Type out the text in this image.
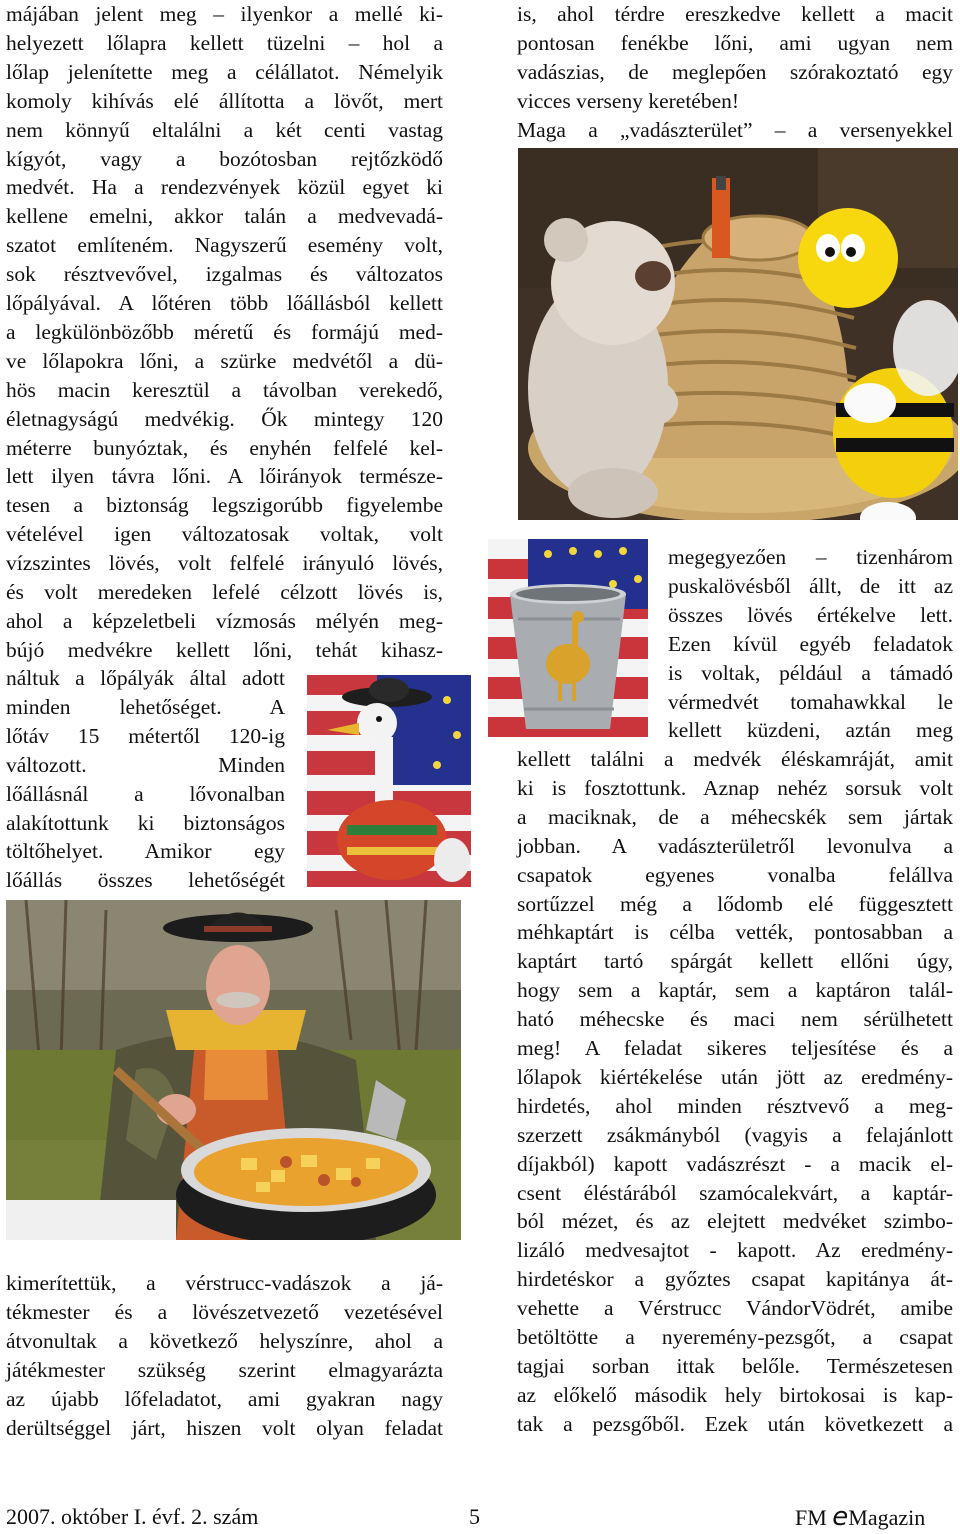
májában jelent meg – ilyenkor a mellé ki-
helyezett lőlapra kellett tüzelni – hol a
lőlap jelenítette meg a célállatot. Némelyik
komoly kihívás elé állította a lövőt, mert
nem könnyű eltalálni a két centi vastag
kígyót, vagy a bozótosban rejtőzködő
medvét. Ha a rendezvények közül egyet ki
kellene emelni, akkor talán a medvevadá-
szatot említeném. Nagyszerű esemény volt,
sok résztvevővel, izgalmas és változatos
lőpályával. A lőtéren több lőállásból kellett
a legkülönbözőbb méretű és formájú med-
ve lőlapokra lőni, a szürke medvétől a dü-
hös macin keresztül a távolban verekedő,
életnagyságú medvékig. Ők mintegy 120
méterre bunyóztak, és enyhén felfelé kel-
lett ilyen távra lőni. A lőirányok természe-
tesen a biztonság legszigorúbb figyelembe
vételével igen változatosak voltak, volt
vízszintes lövés, volt felfelé irányuló lövés,
és volt meredeken lefelé célzott lövés is,
ahol a képzeletbeli vízmosás mélyén meg-
bújó medvékre kellett lőni, tehát kihasz-
náltuk a lőpályák által adott
minden lehetőséget. A
lőtáv 15 métertől 120-ig
változott. Minden
lőállásnál a lővonalban
alakítottunk ki biztonságos
töltőhelyet. Amikor egy
lőállás összes lehetőségét
kimerítettük, a vérstrucc-vadászok a já-
tékmester és a lövészetvezető vezetésével
átvonultak a következő helyszínre, ahol a
játékmester szükség szerint elmagyarázta
az újabb lőfeladatot, ami gyakran nagy
derültséggel járt, hiszen volt olyan feladat
is, ahol térdre ereszkedve kellett a macit
pontosan fenékbe lőni, ami ugyan nem
vadászias, de meglepően szórakoztató egy
vicces verseny keretében!
Maga a „vadászterület” – a versenyekkel
megegyezően – tizenhárom
puskalövésből állt, de itt az
összes lövés értékelve lett.
Ezen kívül egyéb feladatok
is voltak, például a támadó
vérmedvét tomahawkkal le
kellett küzdeni, aztán meg
kellett találni a medvék éléskamráját, amit
ki is fosztottunk. Aznap nehéz sorsuk volt
a maciknak, de a méhecskék sem jártak
jobban. A vadászterületről levonulva a
csapatok egyenes vonalba felállva
sortűzzel még a lődomb elé függesztett
méhkaptárt is célba vették, pontosabban a
kaptárt tartó spárgát kellett ellőni úgy,
hogy sem a kaptár, sem a kaptáron talál-
ható méhecske és maci nem sérülhetett
meg! A feladat sikeres teljesítése és a
lőlapok kiértékelése után jött az eredmény-
hirdetés, ahol minden résztvevő a meg-
szerzett zsákmányból (vagyis a felajánlott
díjakból) kapott vadászrészt - a macik el-
csent éléstárából szamócalekvárt, a kaptár-
ból mézet, és az elejtett medvéket szimbo-
lizáló medvesajtot - kapott. Az eredmény-
hirdetéskor a győztes csapat kapitánya át-
vehette a Vérstrucc VándorVödrét, amibe
betöltötte a nyeremény-pezsgőt, a csapat
tagjai sorban ittak belőle. Természetesen
az előkelő második hely birtokosai is kap-
tak a pezsgőből. Ezek után következett a
2007. október I. évf. 2. szám	5	FM eMagazin
